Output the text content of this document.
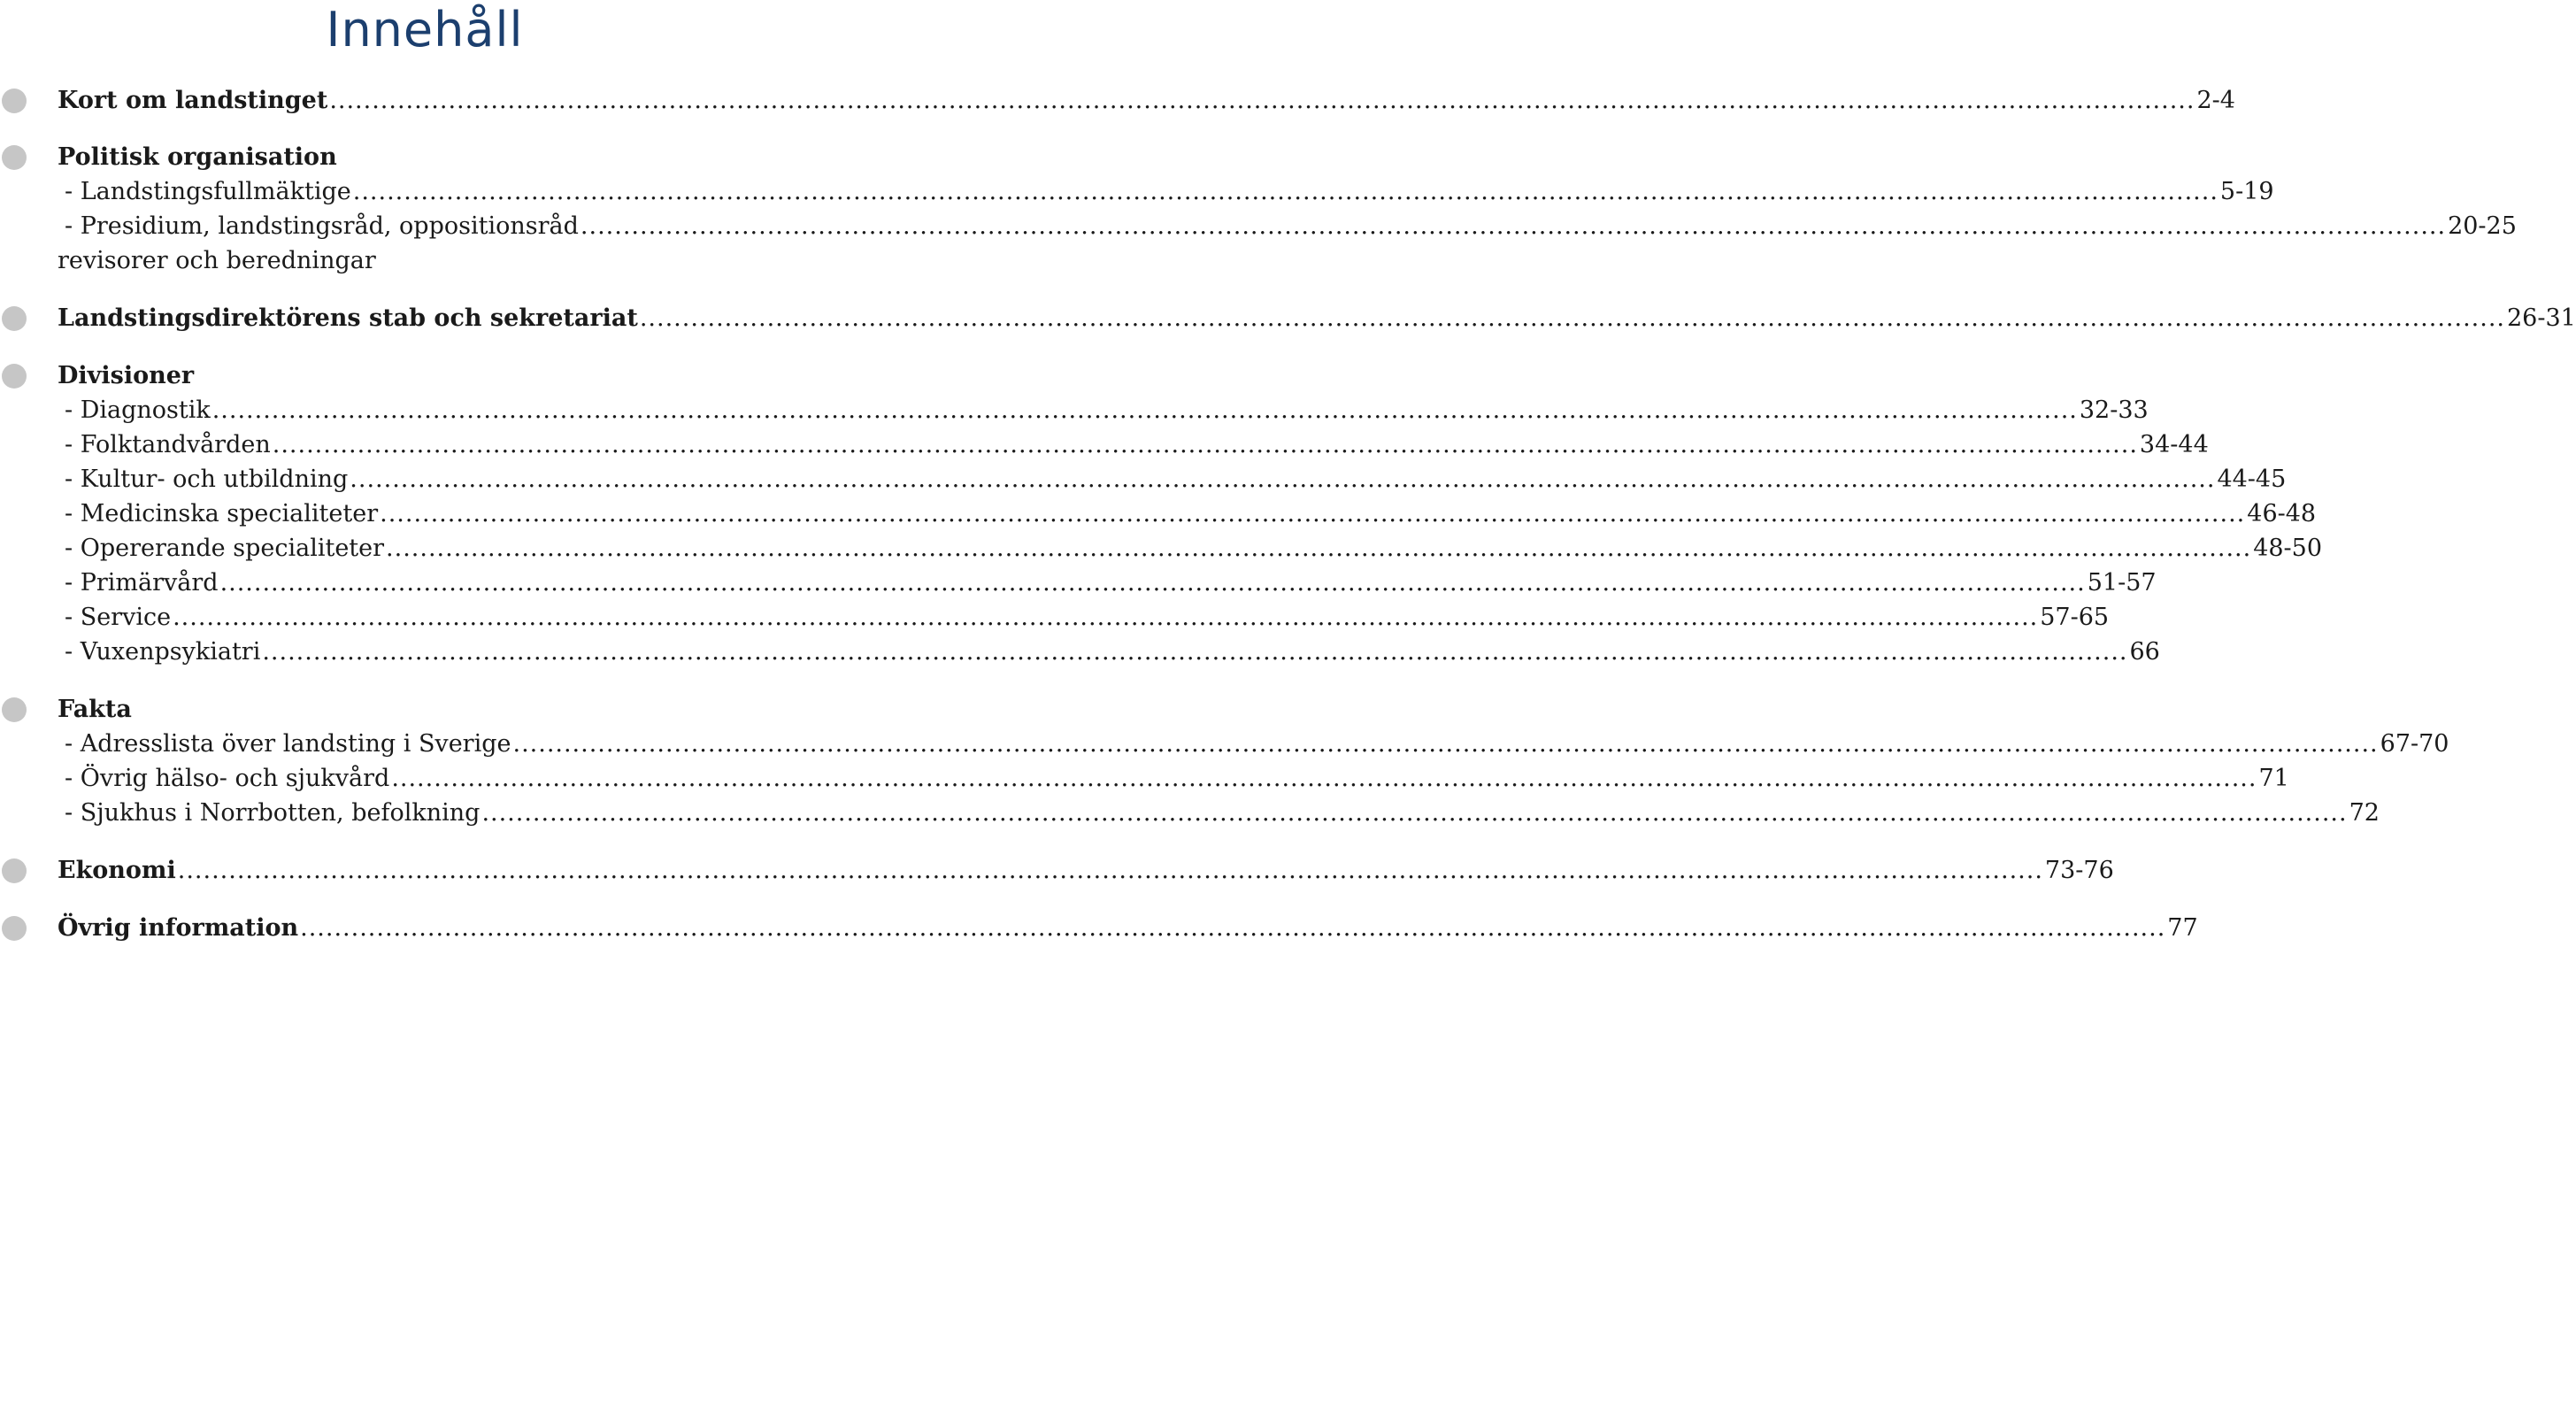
Innehåll
Kort om landstinget ............................................................................................................................................................................................................................ 2-4
Politisk organisation
- Landstingsfullmäktige ............................................................................................................................................................................................................................ 5-19
- Presidium, landstingsråd, oppositionsråd ............................................................................................................................................................................................................................ 20-25
revisorer och beredningar
Landstingsdirektörens stab och sekretariat ............................................................................................................................................................................................................................ 26-31
Divisioner
- Diagnostik ............................................................................................................................................................................................................................ 32-33
- Folktandvården ............................................................................................................................................................................................................................ 34-44
- Kultur- och utbildning ............................................................................................................................................................................................................................ 44-45
- Medicinska specialiteter ............................................................................................................................................................................................................................ 46-48
- Opererande specialiteter ............................................................................................................................................................................................................................ 48-50
- Primärvård ............................................................................................................................................................................................................................ 51-57
- Service ............................................................................................................................................................................................................................ 57-65
- Vuxenpsykiatri ............................................................................................................................................................................................................................ 66
Fakta
- Adresslista över landsting i Sverige ............................................................................................................................................................................................................................ 67-70
- Övrig hälso- och sjukvård ............................................................................................................................................................................................................................ 71
- Sjukhus i Norrbotten, befolkning ............................................................................................................................................................................................................................ 72
Ekonomi ............................................................................................................................................................................................................................ 73-76
Övrig information ............................................................................................................................................................................................................................ 77
